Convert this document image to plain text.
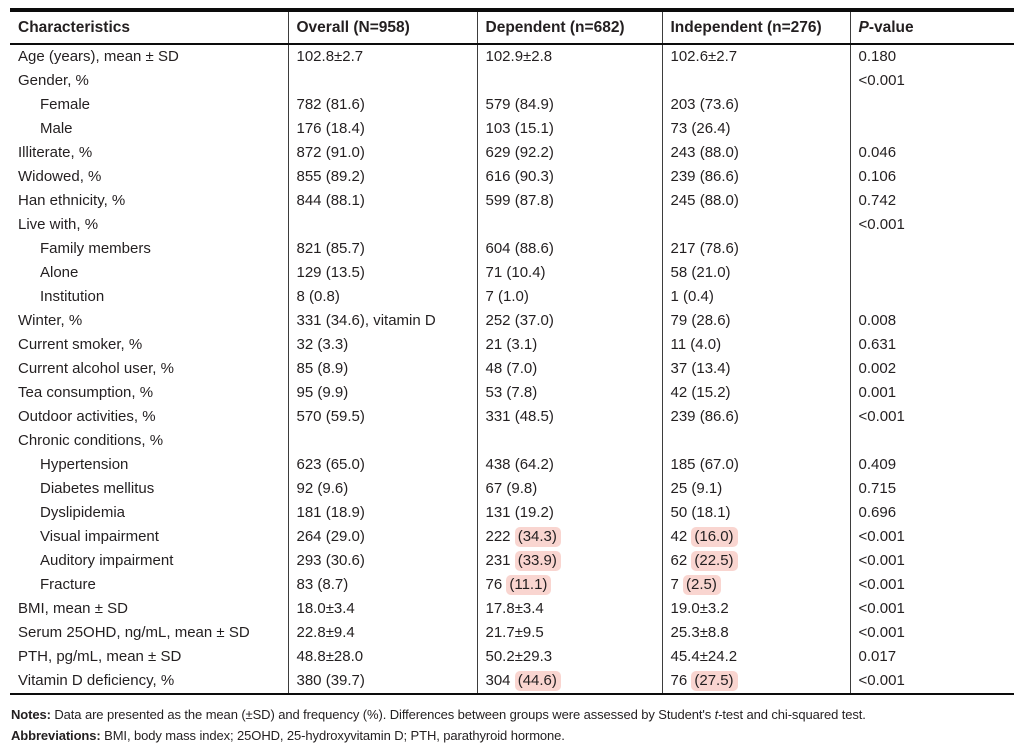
Characteristics	Overall (N=958)	Dependent (n=682)	Independent (n=276)	P-value
Age (years), mean ± SD	102.8±2.7	102.9±2.8	102.6±2.7	0.180
Gender, %				<0.001
Female	782 (81.6)	579 (84.9)	203 (73.6)	
Male	176 (18.4)	103 (15.1)	73 (26.4)	
Illiterate, %	872 (91.0)	629 (92.2)	243 (88.0)	0.046
Widowed, %	855 (89.2)	616 (90.3)	239 (86.6)	0.106
Han ethnicity, %	844 (88.1)	599 (87.8)	245 (88.0)	0.742
Live with, %				<0.001
Family members	821 (85.7)	604 (88.6)	217 (78.6)	
Alone	129 (13.5)	71 (10.4)	58 (21.0)	
Institution	8 (0.8)	7 (1.0)	1 (0.4)	
Winter, %	331 (34.6), vitamin D	252 (37.0)	79 (28.6)	0.008
Current smoker, %	32 (3.3)	21 (3.1)	11 (4.0)	0.631
Current alcohol user, %	85 (8.9)	48 (7.0)	37 (13.4)	0.002
Tea consumption, %	95 (9.9)	53 (7.8)	42 (15.2)	0.001
Outdoor activities, %	570 (59.5)	331 (48.5)	239 (86.6)	<0.001
Chronic conditions, %				
Hypertension	623 (65.0)	438 (64.2)	185 (67.0)	0.409
Diabetes mellitus	92 (9.6)	67 (9.8)	25 (9.1)	0.715
Dyslipidemia	181 (18.9)	131 (19.2)	50 (18.1)	0.696
Visual impairment	264 (29.0)	222 (34.3)	42 (16.0)	<0.001
Auditory impairment	293 (30.6)	231 (33.9)	62 (22.5)	<0.001
Fracture	83 (8.7)	76 (11.1)	7 (2.5)	<0.001
BMI, mean ± SD	18.0±3.4	17.8±3.4	19.0±3.2	<0.001
Serum 25OHD, ng/mL, mean ± SD	22.8±9.4	21.7±9.5	25.3±8.8	<0.001
PTH, pg/mL, mean ± SD	48.8±28.0	50.2±29.3	45.4±24.2	0.017
Vitamin D deficiency, %	380 (39.7)	304 (44.6)	76 (27.5)	<0.001

Notes: Data are presented as the mean (±SD) and frequency (%). Differences between groups were assessed by Student's t-test and chi-squared test.

Abbreviations: BMI, body mass index; 25OHD, 25-hydroxyvitamin D; PTH, parathyroid hormone.
